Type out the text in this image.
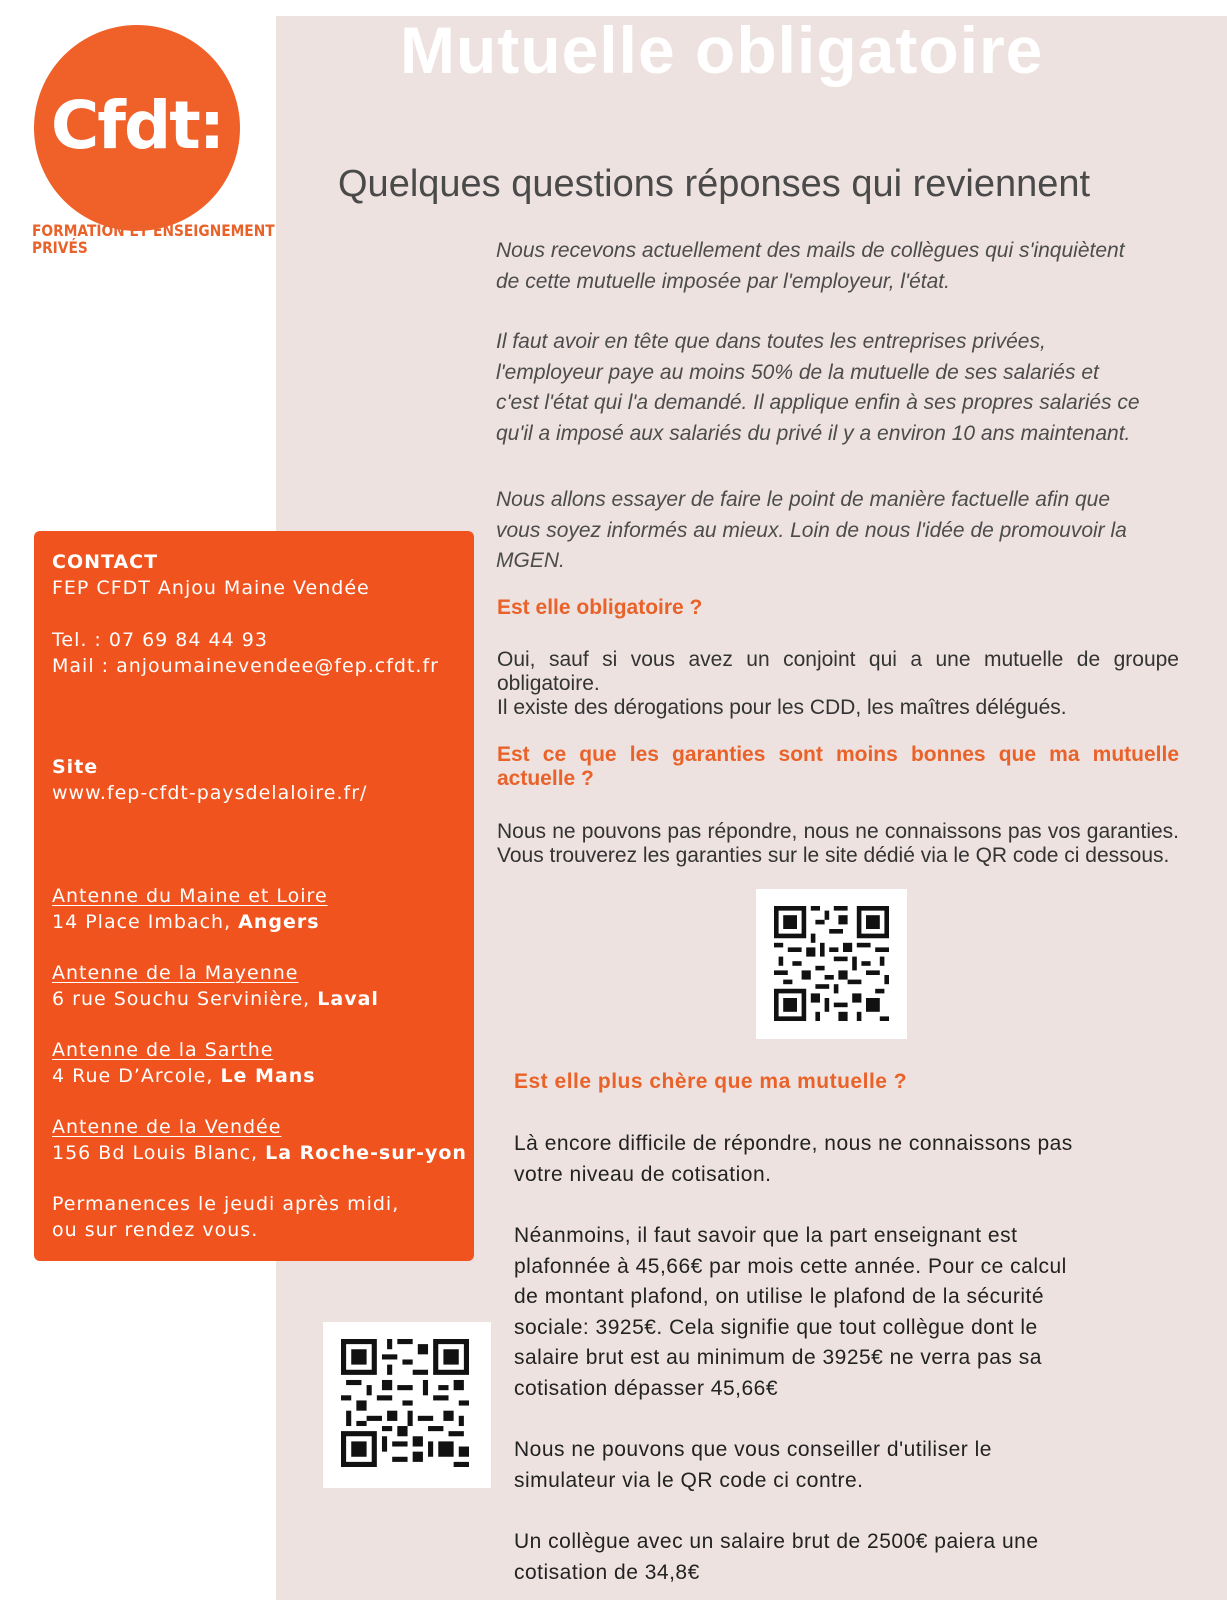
Cfdt:
FORMATION ET ENSEIGNEMENT
PRIVÉS
Mutuelle obligatoire
Quelques questions réponses qui reviennent
Nous recevons actuellement des mails de collègues qui s'inquiètent
de cette mutuelle imposée par l'employeur, l'état.
Il faut avoir en tête que dans toutes les entreprises privées,
l'employeur paye au moins 50% de la mutuelle de ses salariés et
c'est l'état qui l'a demandé. Il applique enfin à ses propres salariés ce
qu'il a imposé aux salariés du privé il y a environ 10 ans maintenant.
Nous allons essayer de faire le point de manière factuelle afin que
vous soyez informés au mieux. Loin de nous l'idée de promouvoir la
MGEN.
Est elle obligatoire ?
Oui, sauf si vous avez un conjoint qui a une mutuelle de groupe obligatoire.
Il existe des dérogations pour les CDD, les maîtres délégués.
Est ce que les garanties sont moins bonnes que ma mutuelle actuelle ?
Nous ne pouvons pas répondre, nous ne connaissons pas vos garanties. Vous trouverez les garanties sur le site dédié via le QR code ci dessous.
Est elle plus chère que ma mutuelle ?
Là encore difficile de répondre, nous ne connaissons pas
votre niveau de cotisation.
Néanmoins, il faut savoir que la part enseignant est
plafonnée à 45,66€ par mois cette année. Pour ce calcul
de montant plafond, on utilise le plafond de la sécurité
sociale: 3925€. Cela signifie que tout collègue dont le
salaire brut est au minimum de 3925€ ne verra pas sa
cotisation dépasser 45,66€
Nous ne pouvons que vous conseiller d'utiliser le
simulateur via le QR code ci contre.
Un collègue avec un salaire brut de 2500€ paiera une
cotisation de 34,8€
CONTACT
FEP CFDT Anjou Maine Vendée
Tel. : 07 69 84 44 93
Mail : anjoumainevendee@fep.cfdt.fr
Site
www.fep-cfdt-paysdelaloire.fr/
Antenne du Maine et Loire
14 Place Imbach, Angers
Antenne de la Mayenne
6 rue Souchu Servinière, Laval
Antenne de la Sarthe
4 Rue D’Arcole, Le Mans
Antenne de la Vendée
156 Bd Louis Blanc, La Roche-sur-yon
Permanences le jeudi après midi,
ou sur rendez vous.
